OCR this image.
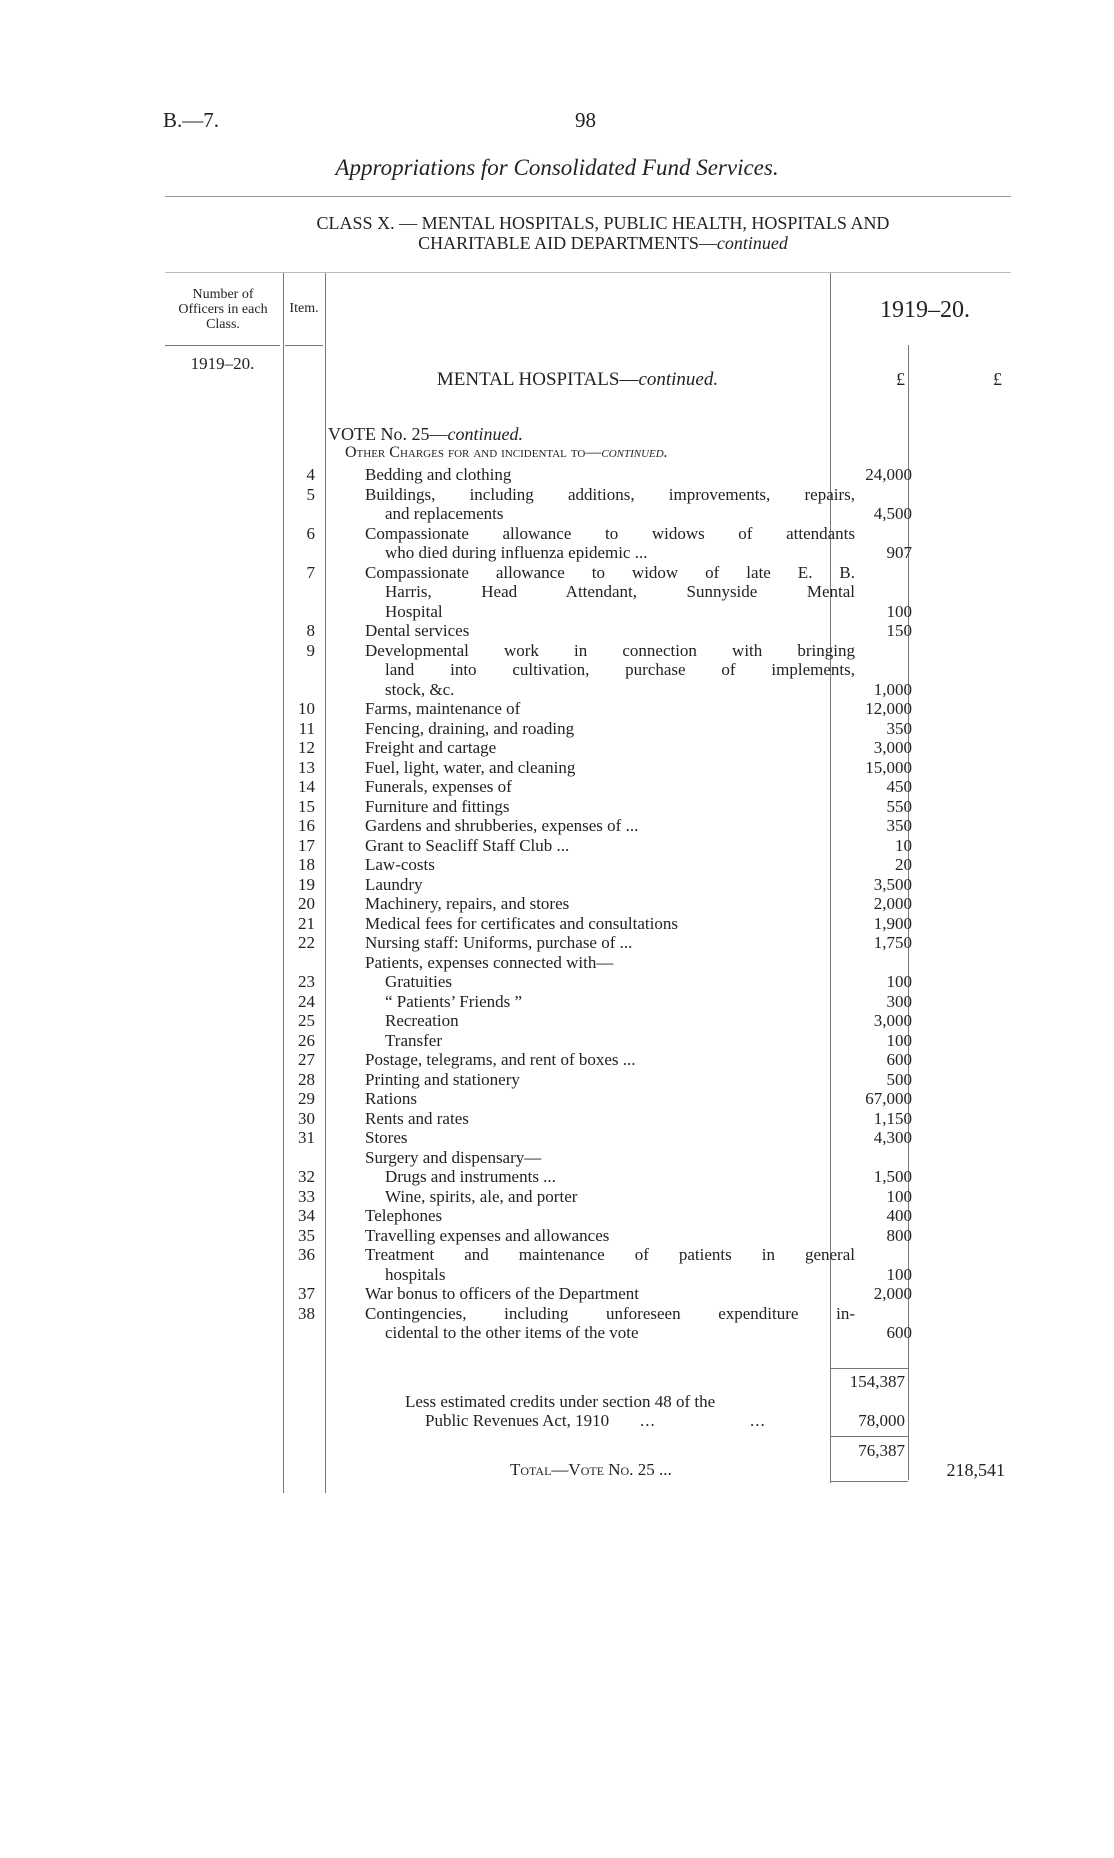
B.—7.	98
Appropriations for Consolidated Fund Services.
CLASS X. — MENTAL HOSPITALS, PUBLIC HEALTH, HOSPITALS AND
CHARITABLE AID DEPARTMENTS—continued
Number of
Officers in each
Class.
Item.	1919–20.
1919–20.
MENTAL HOSPITALS—continued.	£	£
VOTE No. 25—continued.
Other Charges for and incidental to—continued.
4	Bedding and clothing	24,000
5	Buildings, including additions, improvements, repairs,
and replacements	4,500
6	Compassionate allowance to widows of attendants
who died during influenza epidemic ...	907
7	Compassionate allowance to widow of late E. B.
Harris, Head Attendant, Sunnyside Mental
Hospital	100
8	Dental services	150
9	Developmental work in connection with bringing
land into cultivation, purchase of implements,
stock, &c.	1,000
10	Farms, maintenance of	12,000
11	Fencing, draining, and roading	350
12	Freight and cartage	3,000
13	Fuel, light, water, and cleaning	15,000
14	Funerals, expenses of	450
15	Furniture and fittings	550
16	Gardens and shrubberies, expenses of ...	350
17	Grant to Seacliff Staff Club ...	10
18	Law-costs	20
19	Laundry	3,500
20	Machinery, repairs, and stores	2,000
21	Medical fees for certificates and consultations	1,900
22	Nursing staff: Uniforms, purchase of ...	1,750
Patients, expenses connected with—
23	Gratuities	100
24	“ Patients’ Friends ”	300
25	Recreation	3,000
26	Transfer	100
27	Postage, telegrams, and rent of boxes ...	600
28	Printing and stationery	500
29	Rations	67,000
30	Rents and rates	1,150
31	Stores	4,300
Surgery and dispensary—
32	Drugs and instruments ...	1,500
33	Wine, spirits, ale, and porter	100
34	Telephones	400
35	Travelling expenses and allowances	800
36	Treatment and maintenance of patients in general
hospitals	100
37	War bonus to officers of the Department	2,000
38	Contingencies, including unforeseen expenditure in-
cidental to the other items of the vote	600
154,387
Less estimated credits under section 48 of the
Public Revenues Act, 1910 ...	...	78,000
76,387
Total—Vote No. 25 ...	218,541
